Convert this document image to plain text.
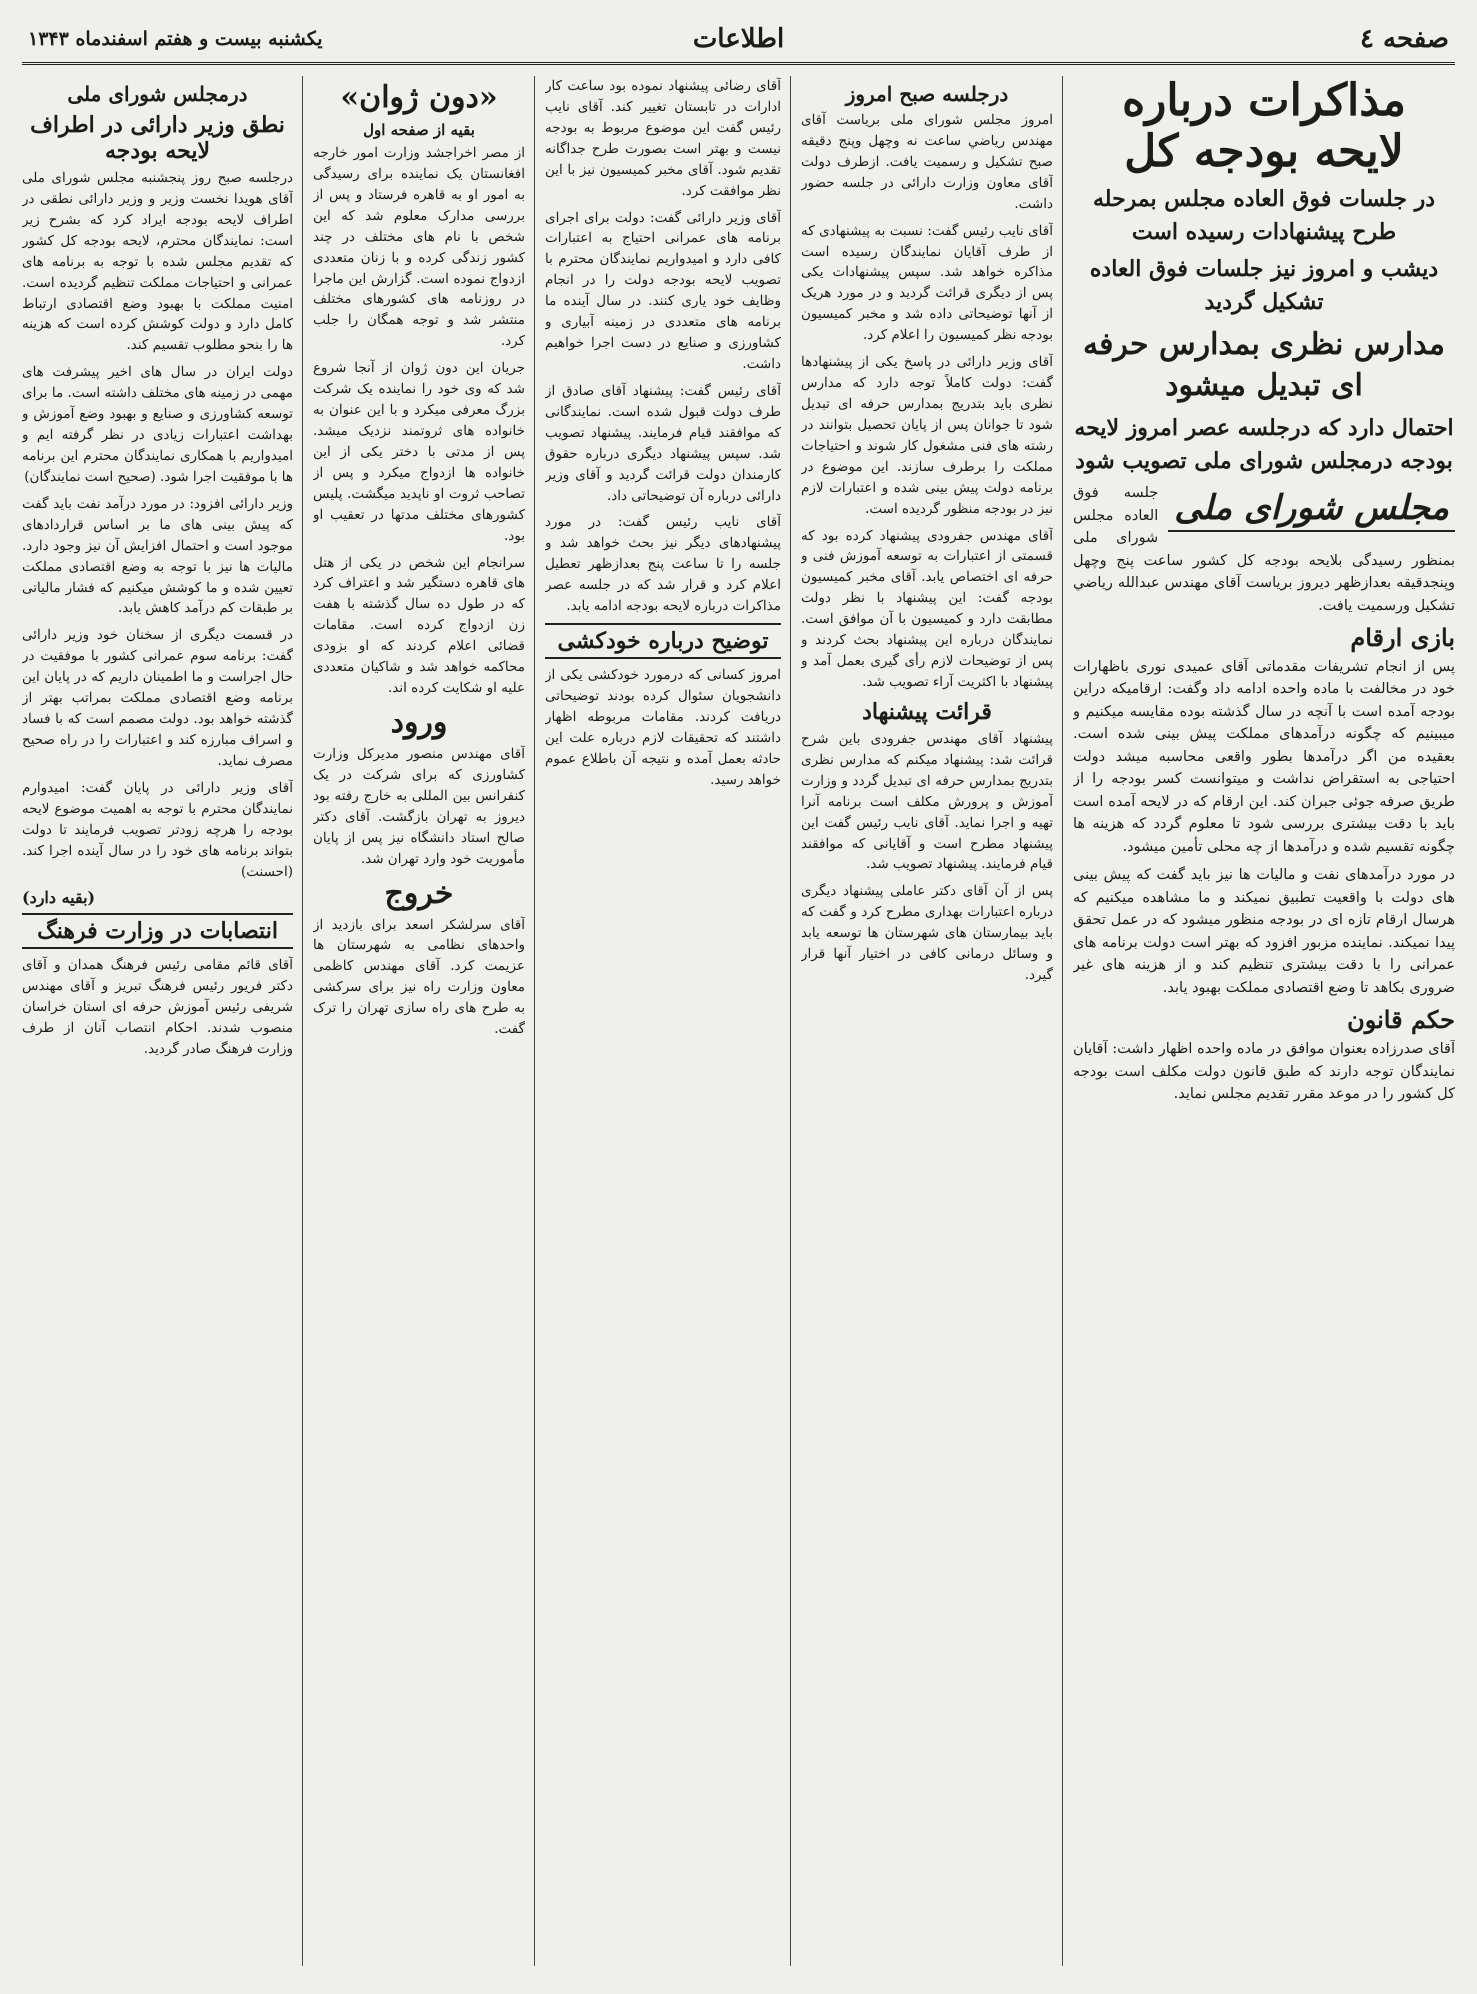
صفحه ٤
اطلاعات
یکشنبه بیست و هفتم اسفندماه ۱۳۴۳
مذاکرات درباره لایحه بودجه کل
در جلسات فوق العاده مجلس بمرحله طرح پیشنهادات رسیده است
دیشب و امروز نیز جلسات فوق العاده تشکیل گردید
مدارس نظری بمدارس حرفه ای تبدیل میشود
احتمال دارد که درجلسه عصر امروز لایحه بودجه درمجلس شورای ملی تصویب شود
مجلس شورای ملی

جلسه فوق العاده مجلس شورای ملی بمنظور رسیدگی بلایحه بودجه کل کشور ساعت پنج وچهل وپنجدقیقه بعدازظهر دیروز بریاست آقای مهندس عبدالله رياضي تشکیل ورسمیت یافت.

بازی ارقام

پس از انجام تشریفات مقدماتی آقای عمیدی نوری باظهارات خود در مخالفت با ماده واحده ادامه داد وگفت: ارقامیکه دراین بودجه آمده است با آنچه در سال گذشته بوده مقایسه میکنیم و میبینیم که چگونه درآمدهای مملکت پیش بینی شده است. بعقیده من اگر درآمدها بطور واقعی محاسبه میشد دولت احتیاجی به استقراض نداشت و میتوانست کسر بودجه را از طریق صرفه جوئی جبران کند. این ارقام که در لایحه آمده است باید با دقت بیشتری بررسی شود تا معلوم گردد که هزینه ها چگونه تقسیم شده و درآمدها از چه محلی تأمین میشود.

در مورد درآمدهای نفت و مالیات ها نیز باید گفت که پیش بینی های دولت با واقعیت تطبیق نمیکند و ما مشاهده میکنیم که هرسال ارقام تازه ای در بودجه منظور میشود که در عمل تحقق پیدا نمیکند. نماینده مزبور افزود که بهتر است دولت برنامه های عمرانی را با دقت بیشتری تنظیم کند و از هزینه های غیر ضروری بکاهد تا وضع اقتصادی مملکت بهبود یابد.

حکم قانون

آقای صدرزاده بعنوان موافق در ماده واحده اظهار داشت: آقایان نمایندگان توجه دارند که طبق قانون دولت مکلف است بودجه کل کشور را در موعد مقرر تقدیم مجلس نماید.

درجلسه صبح امروز

امروز مجلس شورای ملی بریاست آقای مهندس رياضي ساعت نه وچهل وپنج دقیقه صبح تشکیل و رسمیت یافت. ازطرف دولت آقای معاون وزارت دارائی در جلسه حضور داشت.

آقای نایب رئیس گفت: نسبت به پیشنهادی که از طرف آقایان نمایندگان رسیده است مذاکره خواهد شد. سپس پیشنهادات یکی پس از دیگری قرائت گردید و در مورد هریک از آنها توضیحاتی داده شد و مخبر کمیسیون بودجه نظر کمیسیون را اعلام کرد.

آقای وزیر دارائی در پاسخ یکی از پیشنهادها گفت: دولت کاملاً توجه دارد که مدارس نظری باید بتدریج بمدارس حرفه ای تبدیل شود تا جوانان پس از پایان تحصیل بتوانند در رشته های فنی مشغول کار شوند و احتیاجات مملکت را برطرف سازند. این موضوع در برنامه دولت پیش بینی شده و اعتبارات لازم نیز در بودجه منظور گردیده است.

آقای مهندس جفرودی پیشنهاد کرده بود که قسمتی از اعتبارات به توسعه آموزش فنی و حرفه ای اختصاص یابد. آقای مخبر کمیسیون بودجه گفت: این پیشنهاد با نظر دولت مطابقت دارد و کمیسیون با آن موافق است. نمایندگان درباره این پیشنهاد بحث کردند و پس از توضیحات لازم رأی گیری بعمل آمد و پیشنهاد با اکثریت آراء تصویب شد.

قرائت پیشنهاد

پیشنهاد آقای مهندس جفرودی باین شرح قرائت شد: پیشنهاد میکنم که مدارس نظری بتدریج بمدارس حرفه ای تبدیل گردد و وزارت آموزش و پرورش مکلف است برنامه آنرا تهیه و اجرا نماید. آقای نایب رئیس گفت این پیشنهاد مطرح است و آقایانی که موافقند قیام فرمایند. پیشنهاد تصویب شد.

پس از آن آقای دکتر عاملی پیشنهاد دیگری درباره اعتبارات بهداری مطرح کرد و گفت که باید بیمارستان های شهرستان ها توسعه یابد و وسائل درمانی کافی در اختیار آنها قرار گیرد.

آقای رضائی پیشنهاد نموده بود ساعت کار ادارات در تابستان تغییر کند. آقای نایب رئیس گفت این موضوع مربوط به بودجه نیست و بهتر است بصورت طرح جداگانه تقدیم شود. آقای مخبر کمیسیون نیز با این نظر موافقت کرد.

آقای وزیر دارائی گفت: دولت برای اجرای برنامه های عمرانی احتیاج به اعتبارات کافی دارد و امیدواریم نمایندگان محترم با تصویب لایحه بودجه دولت را در انجام وظایف خود یاری کنند. در سال آینده ما برنامه های متعددی در زمینه آبیاری و کشاورزی و صنایع در دست اجرا خواهیم داشت.

آقای رئیس گفت: پیشنهاد آقای صادق از طرف دولت قبول شده است. نمایندگانی که موافقند قیام فرمایند. پیشنهاد تصویب شد. سپس پیشنهاد دیگری درباره حقوق کارمندان دولت قرائت گردید و آقای وزیر دارائی درباره آن توضیحاتی داد.

آقای نایب رئیس گفت: در مورد پیشنهادهای دیگر نیز بحث خواهد شد و جلسه را تا ساعت پنج بعدازظهر تعطیل اعلام کرد و قرار شد که در جلسه عصر مذاکرات درباره لایحه بودجه ادامه یابد.

توضیح درباره خودکشی

امروز کسانی که درمورد خودکشی یکی از دانشجویان سئوال کرده بودند توضیحاتی دریافت کردند. مقامات مربوطه اظهار داشتند که تحقیقات لازم درباره علت این حادثه بعمل آمده و نتیجه آن باطلاع عموم خواهد رسید.

«دون ژوان»
بقیه از صفحه اول

از مصر اخراجشد وزارت امور خارجه افغانستان یک نماینده برای رسیدگی به امور او به قاهره فرستاد و پس از بررسی مدارک معلوم شد که این شخص با نام های مختلف در چند کشور زندگی کرده و با زنان متعددی ازدواج نموده است. گزارش این ماجرا در روزنامه های کشورهای مختلف منتشر شد و توجه همگان را جلب کرد.

جریان این دون ژوان از آنجا شروع شد که وی خود را نماینده یک شرکت بزرگ معرفی میکرد و با این عنوان به خانواده های ثروتمند نزدیک میشد. پس از مدتی با دختر یکی از این خانواده ها ازدواج میکرد و پس از تصاحب ثروت او ناپدید میگشت. پلیس کشورهای مختلف مدتها در تعقیب او بود.

سرانجام این شخص در یکی از هتل های قاهره دستگیر شد و اعتراف کرد که در طول ده سال گذشته با هفت زن ازدواج کرده است. مقامات قضائی اعلام کردند که او بزودی محاکمه خواهد شد و شاکیان متعددی علیه او شکایت کرده اند.

ورود

آقای مهندس منصور مدیرکل وزارت کشاورزی که برای شرکت در یک کنفرانس بین المللی به خارج رفته بود دیروز به تهران بازگشت. آقای دکتر صالح استاد دانشگاه نیز پس از پایان مأموریت خود وارد تهران شد.

خروج

آقای سرلشکر اسعد برای بازدید از واحدهای نظامی به شهرستان ها عزیمت کرد. آقای مهندس کاظمی معاون وزارت راه نیز برای سرکشی به طرح های راه سازی تهران را ترک گفت.

درمجلس شورای ملی
نطق وزیر دارائی در اطراف لایحه بودجه

درجلسه صبح روز پنجشنبه مجلس شورای ملی آقای هویدا نخست وزیر و وزیر دارائی نطقی در اطراف لایحه بودجه ایراد کرد که بشرح زیر است: نمایندگان محترم، لایحه بودجه کل کشور که تقدیم مجلس شده با توجه به برنامه های عمرانی و احتیاجات مملکت تنظیم گردیده است. امنیت مملکت با بهبود وضع اقتصادی ارتباط کامل دارد و دولت کوشش کرده است که هزینه ها را بنحو مطلوب تقسیم کند.

دولت ایران در سال های اخیر پیشرفت های مهمی در زمینه های مختلف داشته است. ما برای توسعه کشاورزی و صنایع و بهبود وضع آموزش و بهداشت اعتبارات زیادی در نظر گرفته ایم و امیدواریم با همکاری نمایندگان محترم این برنامه ها با موفقیت اجرا شود. (صحیح است نمایندگان)

وزیر دارائی افزود: در مورد درآمد نفت باید گفت که پیش بینی های ما بر اساس قراردادهای موجود است و احتمال افزایش آن نیز وجود دارد. مالیات ها نیز با توجه به وضع اقتصادی مملکت تعیین شده و ما کوشش میکنیم که فشار مالیاتی بر طبقات کم درآمد کاهش یابد.

در قسمت دیگری از سخنان خود وزیر دارائی گفت: برنامه سوم عمرانی کشور با موفقیت در حال اجراست و ما اطمینان داریم که در پایان این برنامه وضع اقتصادی مملکت بمراتب بهتر از گذشته خواهد بود. دولت مصمم است که با فساد و اسراف مبارزه کند و اعتبارات را در راه صحیح مصرف نماید.

آقای وزیر دارائی در پایان گفت: امیدوارم نمایندگان محترم با توجه به اهمیت موضوع لایحه بودجه را هرچه زودتر تصویب فرمایند تا دولت بتواند برنامه های خود را در سال آینده اجرا کند. (احسنت)

(بقیه دارد)
انتصابات در وزارت فرهنگ

آقای قائم مقامی رئیس فرهنگ همدان و آقای دکتر فریور رئیس فرهنگ تبریز و آقای مهندس شریفی رئیس آموزش حرفه ای استان خراسان منصوب شدند. احکام انتصاب آنان از طرف وزارت فرهنگ صادر گردید.
